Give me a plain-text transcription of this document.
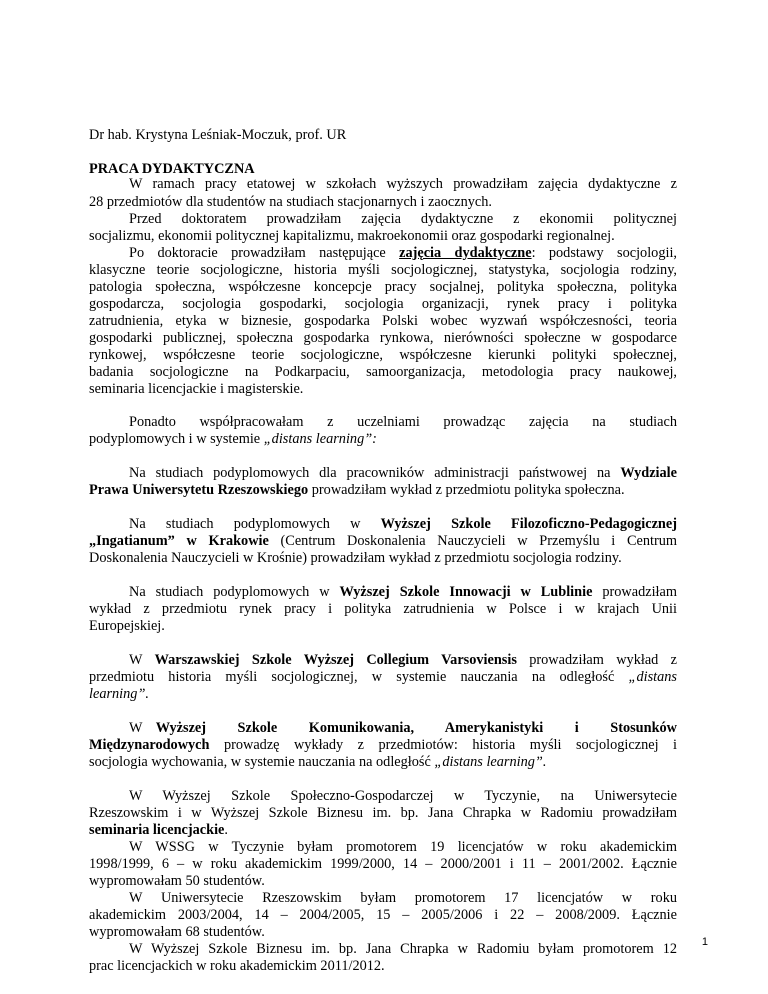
Dr hab. Krystyna Leśniak-Moczuk, prof. UR
PRACA DYDAKTYCZNA
W ramach pracy etatowej w szkołach wyższych prowadziłam zajęcia dydaktyczne z
28 przedmiotów dla studentów na studiach stacjonarnych i zaocznych.
Przed doktoratem prowadziłam zajęcia dydaktyczne z ekonomii politycznej
socjalizmu, ekonomii politycznej kapitalizmu, makroekonomii oraz gospodarki regionalnej.
Po doktoracie prowadziłam następujące zajęcia dydaktyczne: podstawy socjologii,
klasyczne teorie socjologiczne, historia myśli socjologicznej, statystyka, socjologia rodziny,
patologia społeczna, współczesne koncepcje pracy socjalnej, polityka społeczna, polityka
gospodarcza, socjologia gospodarki, socjologia organizacji, rynek pracy i polityka
zatrudnienia, etyka w biznesie, gospodarka Polski wobec wyzwań współczesności, teoria
gospodarki publicznej, społeczna gospodarka rynkowa, nierówności społeczne w gospodarce
rynkowej, współczesne teorie socjologiczne, współczesne kierunki polityki społecznej,
badania socjologiczne na Podkarpaciu, samoorganizacja, metodologia pracy naukowej,
seminaria licencjackie i magisterskie.
Ponadto współpracowałam z uczelniami prowadząc zajęcia na studiach
podyplomowych i w systemie „distans learning”:
Na studiach podyplomowych dla pracowników administracji państwowej na Wydziale
Prawa Uniwersytetu Rzeszowskiego prowadziłam wykład z przedmiotu polityka społeczna.
Na studiach podyplomowych w Wyższej Szkole Filozoficzno-Pedagogicznej
„Ingatianum” w Krakowie (Centrum Doskonalenia Nauczycieli w Przemyślu i Centrum
Doskonalenia Nauczycieli w Krośnie) prowadziłam wykład z przedmiotu socjologia rodziny.
Na studiach podyplomowych w Wyższej Szkole Innowacji w Lublinie prowadziłam
wykład z przedmiotu rynek pracy i polityka zatrudnienia w Polsce i w krajach Unii
Europejskiej.
W Warszawskiej Szkole Wyższej Collegium Varsoviensis prowadziłam wykład z
przedmiotu historia myśli socjologicznej, w systemie nauczania na odległość „distans
learning”.
W Wyższej Szkole Komunikowania, Amerykanistyki i Stosunków
Międzynarodowych prowadzę wykłady z przedmiotów: historia myśli socjologicznej i
socjologia wychowania, w systemie nauczania na odległość „distans learning”.
W Wyższej Szkole Społeczno-Gospodarczej w Tyczynie, na Uniwersytecie
Rzeszowskim i w Wyższej Szkole Biznesu im. bp. Jana Chrapka w Radomiu prowadziłam
seminaria licencjackie.
W WSSG w Tyczynie byłam promotorem 19 licencjatów w roku akademickim
1998/1999, 6 – w roku akademickim 1999/2000, 14 – 2000/2001 i 11 – 2001/2002. Łącznie
wypromowałam 50 studentów.
W Uniwersytecie Rzeszowskim byłam promotorem 17 licencjatów w roku
akademickim 2003/2004, 14 – 2004/2005, 15 – 2005/2006 i 22 – 2008/2009. Łącznie
wypromowałam 68 studentów.
W Wyższej Szkole Biznesu im. bp. Jana Chrapka w Radomiu byłam promotorem 12
prac licencjackich w roku akademickim 2011/2012.
1
